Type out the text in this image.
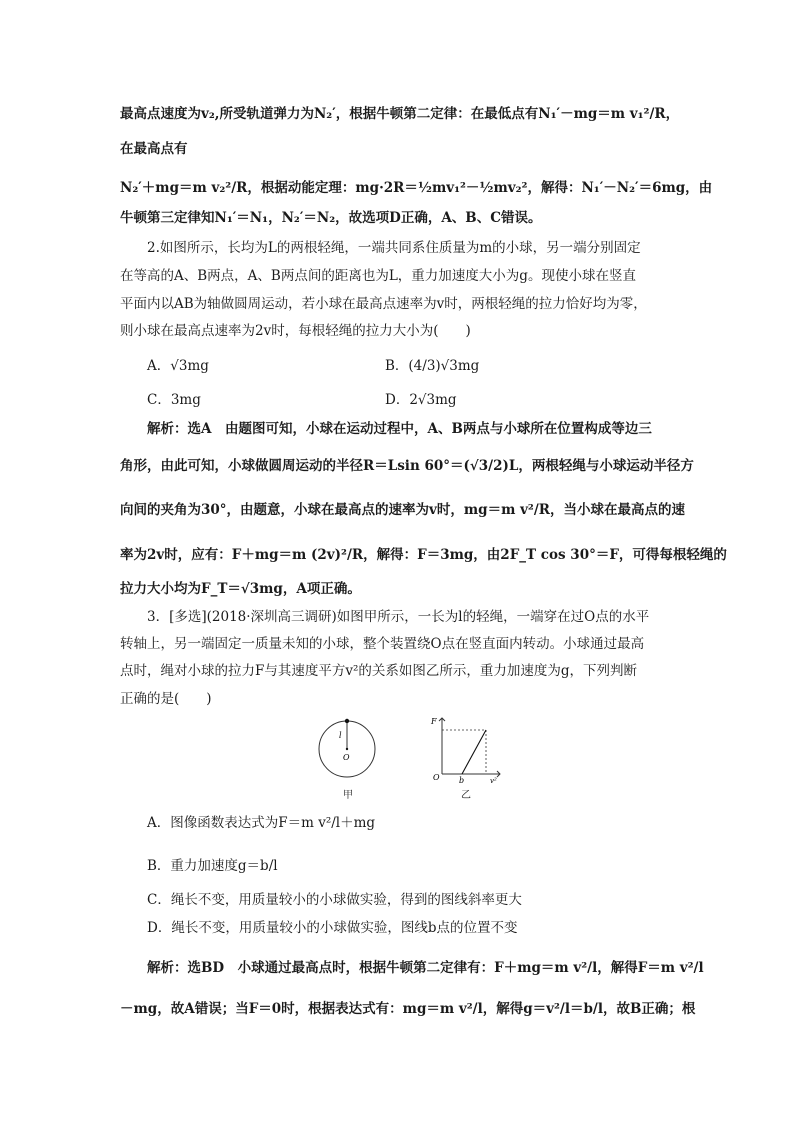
最高点速度为v₂,所受轨道弹力为N₂′，根据牛顿第二定律：在最低点有N₁′－mg＝m v₁²/R，
在最高点有
N₂′＋mg＝m v₂²/R，根据动能定理：mg·2R＝½mv₁²－½mv₂²，解得：N₁′－N₂′＝6mg，由
牛顿第三定律知N₁′＝N₁，N₂′＝N₂，故选项D正确，A、B、C错误。
2.如图所示，长均为L的两根轻绳，一端共同系住质量为m的小球，另一端分别固定
在等高的A、B两点，A、B两点间的距离也为L，重力加速度大小为g。现使小球在竖直
平面内以AB为轴做圆周运动，若小球在最高点速率为v时，两根轻绳的拉力恰好均为零，
则小球在最高点速率为2v时，每根轻绳的拉力大小为(　　)
A．√3mg	B．(4/3)√3mg
C．3mg	D．2√3mg
解析：选A　由题图可知，小球在运动过程中，A、B两点与小球所在位置构成等边三
角形，由此可知，小球做圆周运动的半径R＝Lsin 60°＝(√3/2)L，两根轻绳与小球运动半径方
向间的夹角为30°，由题意，小球在最高点的速率为v时，mg＝m v²/R，当小球在最高点的速
率为2v时，应有：F＋mg＝m (2v)²/R，解得：F＝3mg，由2F_T cos 30°＝F，可得每根轻绳的
拉力大小均为F_T＝√3mg，A项正确。
3．[多选](2018·深圳高三调研)如图甲所示，一长为l的轻绳，一端穿在过O点的水平
转轴上，另一端固定一质量未知的小球，整个装置绕O点在竖直面内转动。小球通过最高
点时，绳对小球的拉力F与其速度平方v²的关系如图乙所示，重力加速度为g，下列判断
正确的是(　　)
l
O
甲
F
O b	v²
乙
A．图像函数表达式为F＝m v²/l＋mg
B．重力加速度g＝b/l
C．绳长不变，用质量较小的小球做实验，得到的图线斜率更大
D．绳长不变，用质量较小的小球做实验，图线b点的位置不变
解析：选BD　小球通过最高点时，根据牛顿第二定律有：F＋mg＝m v²/l，解得F＝m v²/l
－mg，故A错误；当F＝0时，根据表达式有：mg＝m v²/l，解得g＝v²/l＝b/l，故B正确；根
